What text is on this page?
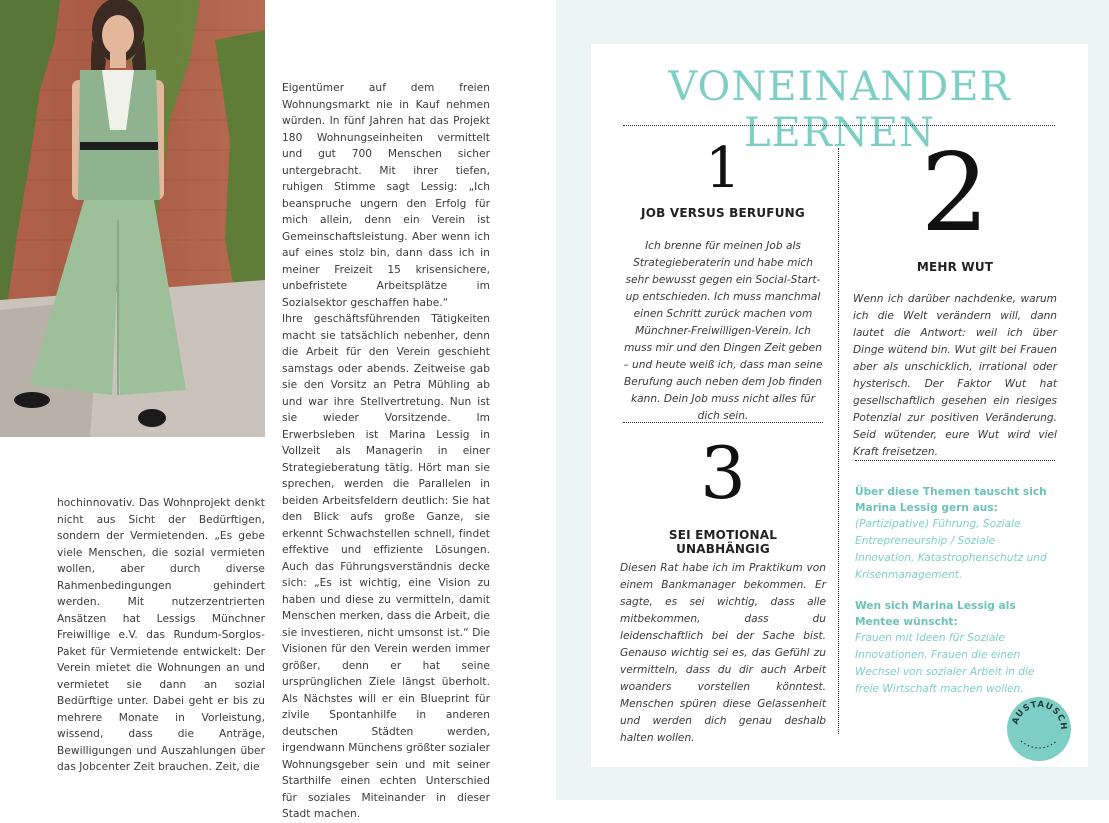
hochinnovativ. Das Wohnprojekt denkt nicht aus Sicht der Bedürftigen, sondern der Vermietenden. „Es gebe viele Menschen, die sozial vermieten wollen, aber durch diverse Rahmenbedingungen gehindert werden. Mit nutzerzentrierten Ansätzen hat Lessigs Münchner Freiwillige e.V. das Rundum-Sorglos-Paket für Vermietende entwickelt: Der Verein mietet die Wohnungen an und vermietet sie dann an sozial Bedürftige unter. Dabei geht er bis zu mehrere Monate in Vorleistung, wissend, dass die Anträge, Bewilligungen und Auszahlungen über das Jobcenter Zeit brauchen. Zeit, die

Eigentümer auf dem freien Wohnungsmarkt nie in Kauf nehmen würden. In fünf Jahren hat das Projekt 180 Wohnungseinheiten vermittelt und gut 700 Menschen sicher untergebracht. Mit ihrer tiefen, ruhigen Stimme sagt Lessig: „Ich beanspruche ungern den Erfolg für mich allein, denn ein Verein ist Gemeinschaftsleistung. Aber wenn ich auf eines stolz bin, dann dass ich in meiner Freizeit 15 krisensichere, unbefristete Arbeitsplätze im Sozialsektor geschaffen habe.“

Ihre geschäftsführenden Tätigkeiten macht sie tatsächlich nebenher, denn die Arbeit für den Verein geschieht samstags oder abends. Zeitweise gab sie den Vorsitz an Petra Mühling ab und war ihre Stellvertretung. Nun ist sie wieder Vorsitzende. Im Erwerbsleben ist Marina Lessig in Vollzeit als Managerin in einer Strategieberatung tätig. Hört man sie sprechen, werden die Parallelen in beiden Arbeitsfeldern deutlich: Sie hat den Blick aufs große Ganze, sie erkennt Schwachstellen schnell, findet effektive und effiziente Lösungen. Auch das Führungsverständnis decke sich: „Es ist wichtig, eine Vision zu haben und diese zu vermitteln, damit Menschen merken, dass die Arbeit, die sie investieren, nicht umsonst ist.“ Die Visionen für den Verein werden immer größer, denn er hat seine ursprünglichen Ziele längst überholt. Als Nächstes will er ein Blueprint für zivile Spontanhilfe in anderen deutschen Städten werden, irgendwann Münchens größter sozialer Wohnungsgeber sein und mit seiner Starthilfe einen echten Unterschied für soziales Miteinander in dieser Stadt machen.

VONEINANDER LERNEN
1
JOB VERSUS BERUFUNG
Ich brenne für meinen Job als Strategieberaterin und habe mich sehr bewusst gegen ein Social-Start-up entschieden. Ich muss manchmal einen Schritt zurück machen vom Münchner-Freiwilligen-Verein. Ich muss mir und den Dingen Zeit geben – und heute weiß ich, dass man seine Berufung auch neben dem Job finden kann. Dein Job muss nicht alles für dich sein.
3
SEI EMOTIONAL UNABHÄNGIG
Diesen Rat habe ich im Praktikum von einem Bankmanager bekommen. Er sagte, es sei wichtig, dass alle mitbekommen, dass du leidenschaftlich bei der Sache bist. Genauso wichtig sei es, das Gefühl zu vermitteln, dass du dir auch Arbeit woanders vorstellen könntest. Menschen spüren diese Gelassenheit und werden dich genau deshalb halten wollen.
2
MEHR WUT
Wenn ich darüber nachdenke, warum ich die Welt verändern will, dann lautet die Antwort: weil ich über Dinge wütend bin. Wut gilt bei Frauen aber als unschicklich, irrational oder hysterisch. Der Faktor Wut hat gesellschaftlich gesehen ein riesiges Potenzial zur positiven Veränderung. Seid wütender, eure Wut wird viel Kraft freisetzen.
Über diese Themen tauscht sich Marina Lessig gern aus:
(Partizipative) Führung, Soziale Entrepreneurship / Soziale Innovation, Katastrophenschutz und Krisenmanagement.
Wen sich Marina Lessig als Mentee wünscht:
Frauen mit Ideen für Soziale Innovationen, Frauen die einen Wechsel von sozialer Arbeit in die freie Wirtschaft machen wollen.
AUSTAUSCH
